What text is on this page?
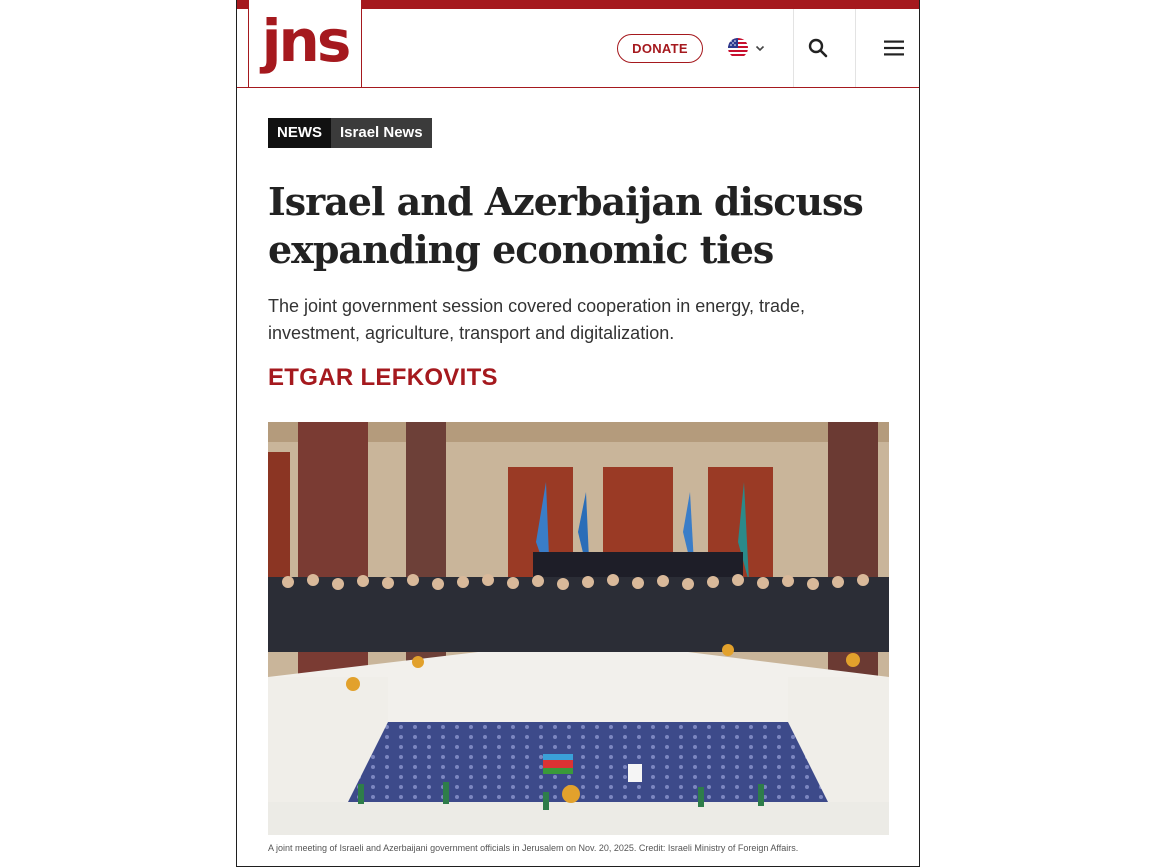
DONATE
jns
NEWS	Israel News
Israel and Azerbaijan discuss expanding economic ties

The joint government session covered cooperation in energy, trade, investment, agriculture, transport and digitalization.

ETGAR LEFKOVITS

A joint meeting of Israeli and Azerbaijani government officials in Jerusalem on Nov. 20, 2025. Credit: Israeli Ministry of Foreign Affairs.
